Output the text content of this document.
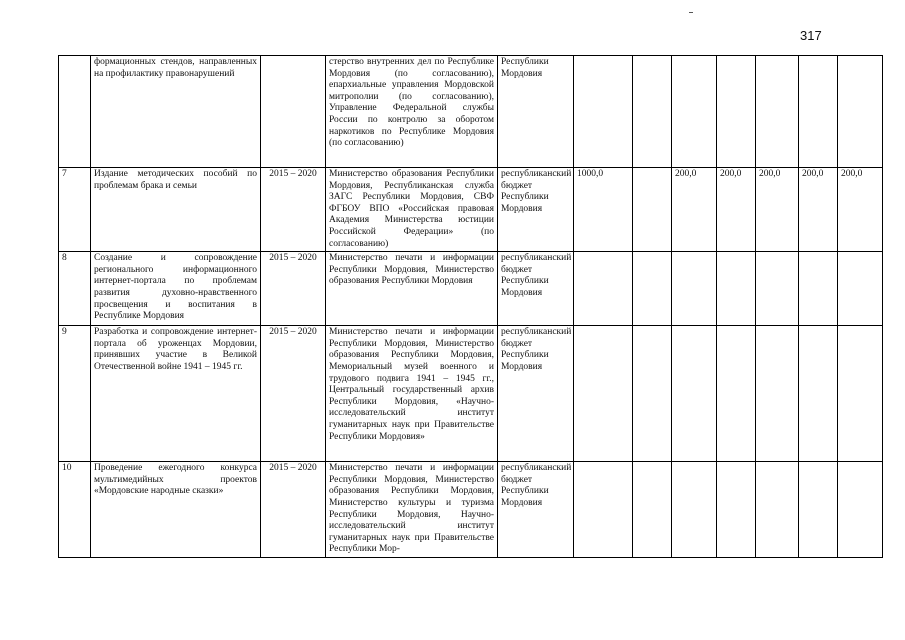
317
	формационных стендов, направленных на профилактику правонарушений		стерство внутренних дел по Республике Мордовия (по согласованию), епархиальные управления Мордовской митрополии (по согласованию), Управление Федеральной службы России по контролю за оборотом наркотиков по Республике Мордовия (по согласованию)	Республики Мордовия							
7	Издание методических пособий по проблемам брака и семьи	2015 – 2020	Министерство образования Республики Мордовия, Республиканская служба ЗАГС Республики Мордовия, СВФ ФГБОУ ВПО «Российская правовая Академия Министерства юстиции Российской Федерации» (по согласованию)	республиканский бюджет Республики Мордовия	1000,0		200,0	200,0	200,0	200,0	200,0
8	Создание и сопровождение регионального информационного интернет-портала по проблемам развития духовно-нравственного просвещения и воспитания в Республике Мордовия	2015 – 2020	Министерство печати и информации Республики Мордовия, Министерство образования Республики Мордовия	республиканский бюджет Республики Мордовия							
9	Разработка и сопровождение интернет-портала об уроженцах Мордовии, принявших участие в Великой Отечественной войне 1941 – 1945 гг.	2015 – 2020	Министерство печати и информации Республики Мордовия, Министерство образования Республики Мордовия, Мемориальный музей военного и трудового подвига 1941 – 1945 гг., Центральный государственный архив Республики Мордовия, «Научно-исследовательский институт гуманитарных наук при Правительстве Республики Мордовия»	республиканский бюджет Республики Мордовия							
10	Проведение ежегодного конкурса мультимедийных проектов «Мордовские народные сказки»	2015 – 2020	Министерство печати и информации Республики Мордовия, Министерство образования Республики Мордовия, Министерство культуры и туризма Республики Мордовия, Научно-исследовательский институт гуманитарных наук при Правительстве Республики Мор-	республиканский бюджет Республики Мордовия							
